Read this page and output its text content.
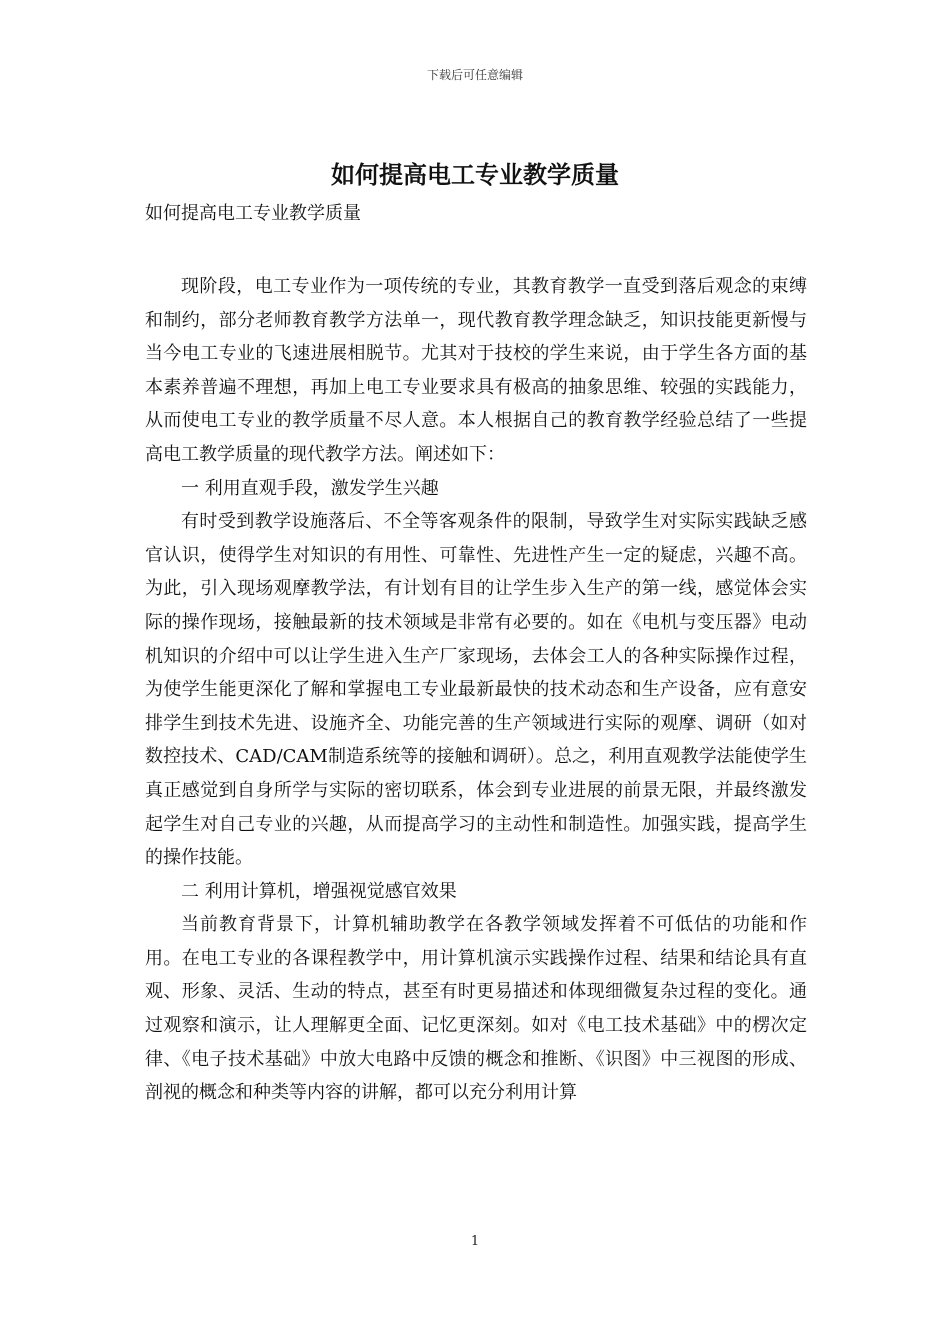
下载后可任意编辑
如何提高电工专业教学质量
如何提高电工专业教学质量

现阶段，电工专业作为一项传统的专业，其教育教学一直受到落后观念的束缚和制约，部分老师教育教学方法单一，现代教育教学理念缺乏，知识技能更新慢与当今电工专业的飞速进展相脱节。尤其对于技校的学生来说，由于学生各方面的基本素养普遍不理想，再加上电工专业要求具有极高的抽象思维、较强的实践能力，从而使电工专业的教学质量不尽人意。本人根据自己的教育教学经验总结了一些提高电工教学质量的现代教学方法。阐述如下：

一 利用直观手段，激发学生兴趣

有时受到教学设施落后、不全等客观条件的限制，导致学生对实际实践缺乏感官认识，使得学生对知识的有用性、可靠性、先进性产生一定的疑虑，兴趣不高。为此，引入现场观摩教学法，有计划有目的让学生步入生产的第一线，感觉体会实际的操作现场，接触最新的技术领域是非常有必要的。如在《电机与变压器》电动机知识的介绍中可以让学生进入生产厂家现场，去体会工人的各种实际操作过程，为使学生能更深化了解和掌握电工专业最新最快的技术动态和生产设备，应有意安排学生到技术先进、设施齐全、功能完善的生产领域进行实际的观摩、调研（如对数控技术、CAD/CAM制造系统等的接触和调研）。总之，利用直观教学法能使学生真正感觉到自身所学与实际的密切联系，体会到专业进展的前景无限，并最终激发起学生对自己专业的兴趣，从而提高学习的主动性和制造性。加强实践，提高学生的操作技能。

二 利用计算机，增强视觉感官效果

当前教育背景下，计算机辅助教学在各教学领域发挥着不可低估的功能和作用。在电工专业的各课程教学中，用计算机演示实践操作过程、结果和结论具有直观、形象、灵活、生动的特点，甚至有时更易描述和体现细微复杂过程的变化。通过观察和演示，让人理解更全面、记忆更深刻。如对《电工技术基础》中的楞次定律、《电子技术基础》中放大电路中反馈的概念和推断、《识图》中三视图的形成、剖视的概念和种类等内容的讲解，都可以充分利用计算

1
